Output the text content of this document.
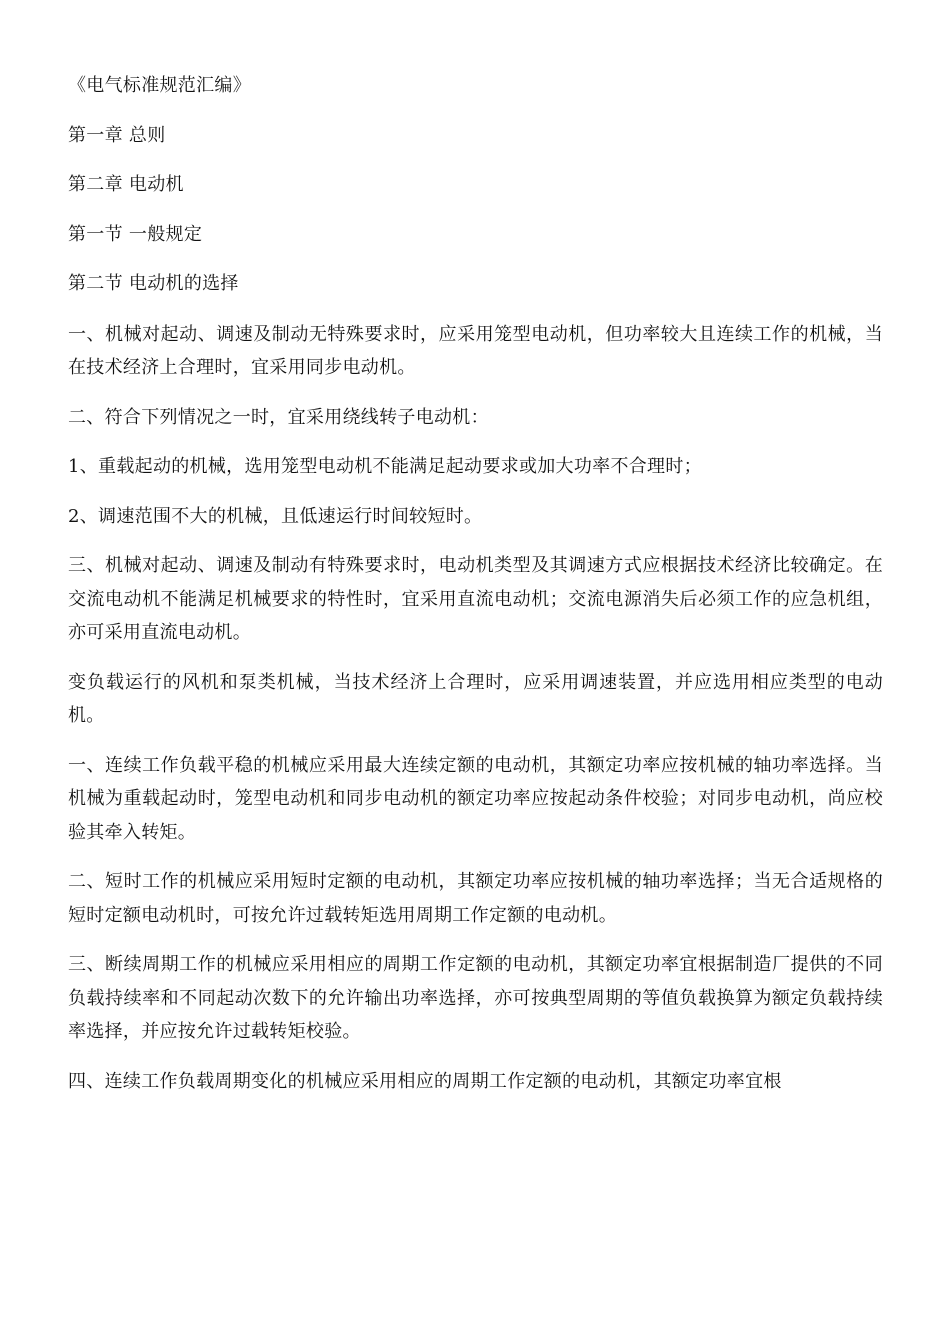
《电气标准规范汇编》
第一章 总则
第二章 电动机
第一节 一般规定
第二节 电动机的选择
一、机械对起动、调速及制动无特殊要求时，应采用笼型电动机，但功率较大且连续工作的机械，当在技术经济上合理时，宜采用同步电动机。
二、符合下列情况之一时，宜采用绕线转子电动机：
1、重载起动的机械，选用笼型电动机不能满足起动要求或加大功率不合理时；
2、调速范围不大的机械，且低速运行时间较短时。
三、机械对起动、调速及制动有特殊要求时，电动机类型及其调速方式应根据技术经济比较确定。在交流电动机不能满足机械要求的特性时，宜采用直流电动机；交流电源消失后必须工作的应急机组，亦可采用直流电动机。
变负载运行的风机和泵类机械，当技术经济上合理时，应采用调速装置，并应选用相应类型的电动机。
一、连续工作负载平稳的机械应采用最大连续定额的电动机，其额定功率应按机械的轴功率选择。当机械为重载起动时，笼型电动机和同步电动机的额定功率应按起动条件校验；对同步电动机，尚应校验其牵入转矩。
二、短时工作的机械应采用短时定额的电动机，其额定功率应按机械的轴功率选择；当无合适规格的短时定额电动机时，可按允许过载转矩选用周期工作定额的电动机。
三、断续周期工作的机械应采用相应的周期工作定额的电动机，其额定功率宜根据制造厂提供的不同负载持续率和不同起动次数下的允许输出功率选择，亦可按典型周期的等值负载换算为额定负载持续率选择，并应按允许过载转矩校验。
四、连续工作负载周期变化的机械应采用相应的周期工作定额的电动机，其额定功率宜根
